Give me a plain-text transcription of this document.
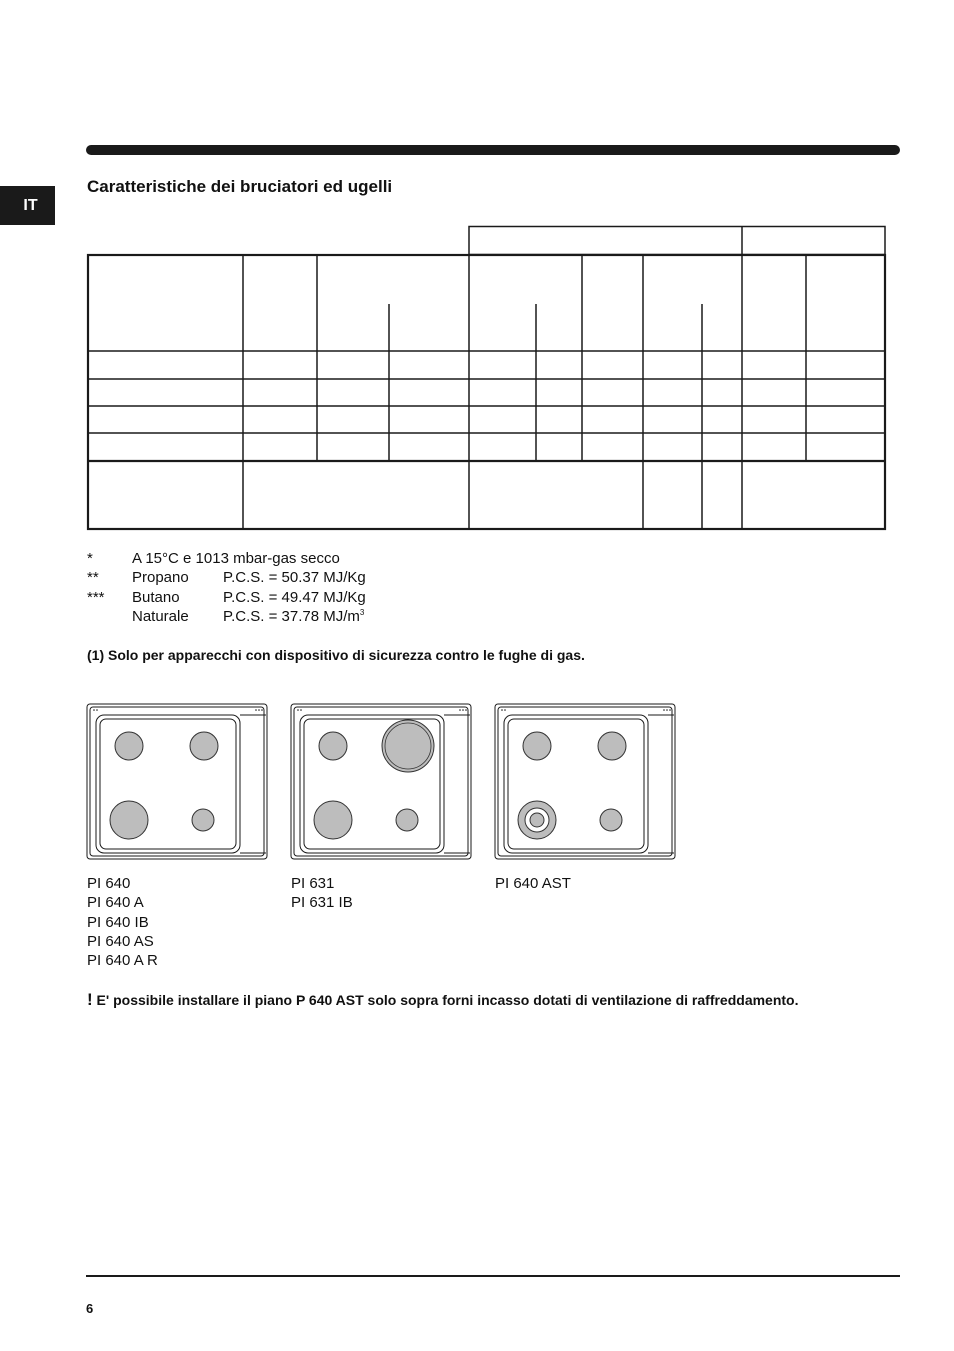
IT
Caratteristiche dei bruciatori ed ugelli
*	A 15°C e 1013 mbar-gas secco
** Propano P.C.S. = 50.37 MJ/Kg
*** Butano	P.C.S. = 49.47 MJ/Kg
Naturale P.C.S. = 37.78 $MJ/m^3$
(1) Solo per apparecchi con dispositivo di sicurezza contro le fughe di gas.
PI 640
PI 640 A
PI 640 IB
PI 640 AS
PI 640 A R
PI 631
PI 631 IB
PI 640 AST
! E' possibile installare il piano P 640 AST solo sopra forni incasso dotati di ventilazione di raffreddamento.
6
